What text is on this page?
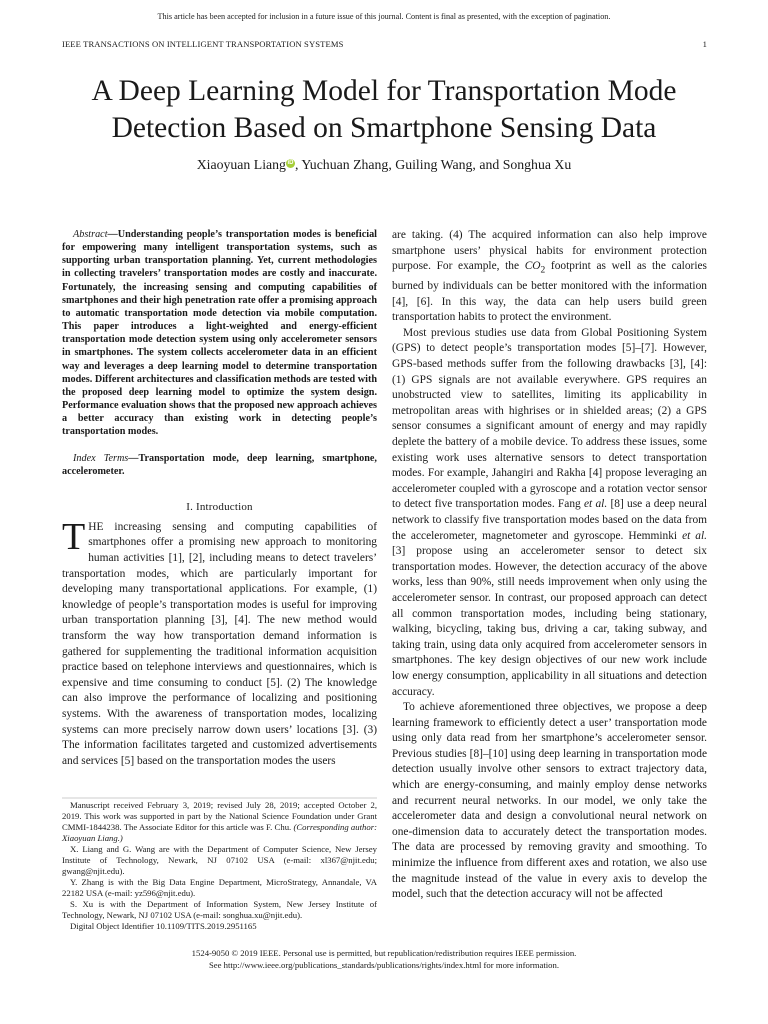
This article has been accepted for inclusion in a future issue of this journal. Content is final as presented, with the exception of pagination.
IEEE TRANSACTIONS ON INTELLIGENT TRANSPORTATION SYSTEMS	1
A Deep Learning Model for Transportation Mode
Detection Based on Smartphone Sensing Data
Xiaoyuan Liang iD , Yuchuan Zhang, Guiling Wang, and Songhua Xu

Abstract—Understanding people’s transportation modes is beneficial for empowering many intelligent transportation systems, such as supporting urban transportation planning. Yet, current methodologies in collecting travelers’ transportation modes are costly and inaccurate. Fortunately, the increasing sensing and computing capabilities of smartphones and their high penetration rate offer a promising approach to automatic transportation mode detection via mobile computation. This paper introduces a light-weighted and energy-efficient transportation mode detection system using only accelerometer sensors in smartphones. The system collects accelerometer data in an efficient way and leverages a deep learning model to determine transportation modes. Different architectures and classification methods are tested with the proposed deep learning model to optimize the system design. Performance evaluation shows that the proposed new approach achieves a better accuracy than existing work in detecting people’s transportation modes.

Index Terms—Transportation mode, deep learning, smartphone, accelerometer.

I. Introduction

THE increasing sensing and computing capabilities of smartphones offer a promising new approach to monitoring human activities [1], [2], including means to detect travelers’ transportation modes, which are particularly important for developing many transportational applications. For example, (1) knowledge of people’s transportation modes is useful for improving urban transportation planning [3], [4]. The new method would transform the way how transportation demand information is gathered for supplementing the traditional information acquisition practice based on telephone interviews and questionnaires, which is expensive and time consuming to conduct [5]. (2) The knowledge can also improve the performance of localizing and positioning systems. With the awareness of transportation modes, localizing systems can more precisely narrow down users’ locations [3]. (3) The information facilitates targeted and customized advertisements and services [5] based on the transportation modes the users

Manuscript received February 3, 2019; revised July 28, 2019; accepted October 2, 2019. This work was supported in part by the National Science Foundation under Grant CMMI-1844238. The Associate Editor for this article was F. Chu. (Corresponding author: Xiaoyuan Liang.)

X. Liang and G. Wang are with the Department of Computer Science, New Jersey Institute of Technology, Newark, NJ 07102 USA (e-mail: xl367@njit.edu; gwang@njit.edu).

Y. Zhang is with the Big Data Engine Department, MicroStrategy, Annandale, VA 22182 USA (e-mail: yz596@njit.edu).

S. Xu is with the Department of Information System, New Jersey Institute of Technology, Newark, NJ 07102 USA (e-mail: songhua.xu@njit.edu).

Digital Object Identifier 10.1109/TITS.2019.2951165

are taking. (4) The acquired information can also help improve smartphone users’ physical habits for environment protection purpose. For example, the $CO_2$ footprint as well as the calories burned by individuals can be better monitored with the information [4], [6]. In this way, the data can help users build green transportation habits to protect the environment.

Most previous studies use data from Global Positioning System (GPS) to detect people’s transportation modes [5]–[7]. However, GPS-based methods suffer from the following drawbacks [3], [4]: (1) GPS signals are not available everywhere. GPS requires an unobstructed view to satellites, limiting its applicability in metropolitan areas with highrises or in shielded areas; (2) a GPS sensor consumes a significant amount of energy and may rapidly deplete the battery of a mobile device. To address these issues, some existing work uses alternative sensors to detect transportation modes. For example, Jahangiri and Rakha [4] propose leveraging an accelerometer coupled with a gyroscope and a rotation vector sensor to detect five transportation modes. Fang et al. [8] use a deep neural network to classify five transportation modes based on the data from the accelerometer, magnetometer and gyroscope. Hemminki et al. [3] propose using an accelerometer sensor to detect six transportation modes. However, the detection accuracy of the above works, less than 90%, still needs improvement when only using the accelerometer sensor. In contrast, our proposed approach can detect all common transportation modes, including being stationary, walking, bicycling, taking bus, driving a car, taking subway, and taking train, using data only acquired from accelerometer sensors in smartphones. The key design objectives of our new work include low energy consumption, applicability in all situations and detection accuracy.

To achieve aforementioned three objectives, we propose a deep learning framework to efficiently detect a user’ transportation mode using only data read from her smartphone’s accelerometer sensor. Previous studies [8]–[10] using deep learning in transportation mode detection usually involve other sensors to extract trajectory data, which are energy-consuming, and mainly employ dense networks and recurrent neural networks. In our model, we only take the accelerometer data and design a convolutional neural network on one-dimension data to accurately detect the transportation modes. The data are processed by removing gravity and smoothing. To minimize the influence from different axes and rotation, we also use the magnitude instead of the value in every axis to develop the model, such that the detection accuracy will not be affected

1524-9050 © 2019 IEEE. Personal use is permitted, but republication/redistribution requires IEEE permission.
See http://www.ieee.org/publications_standards/publications/rights/index.html for more information.
